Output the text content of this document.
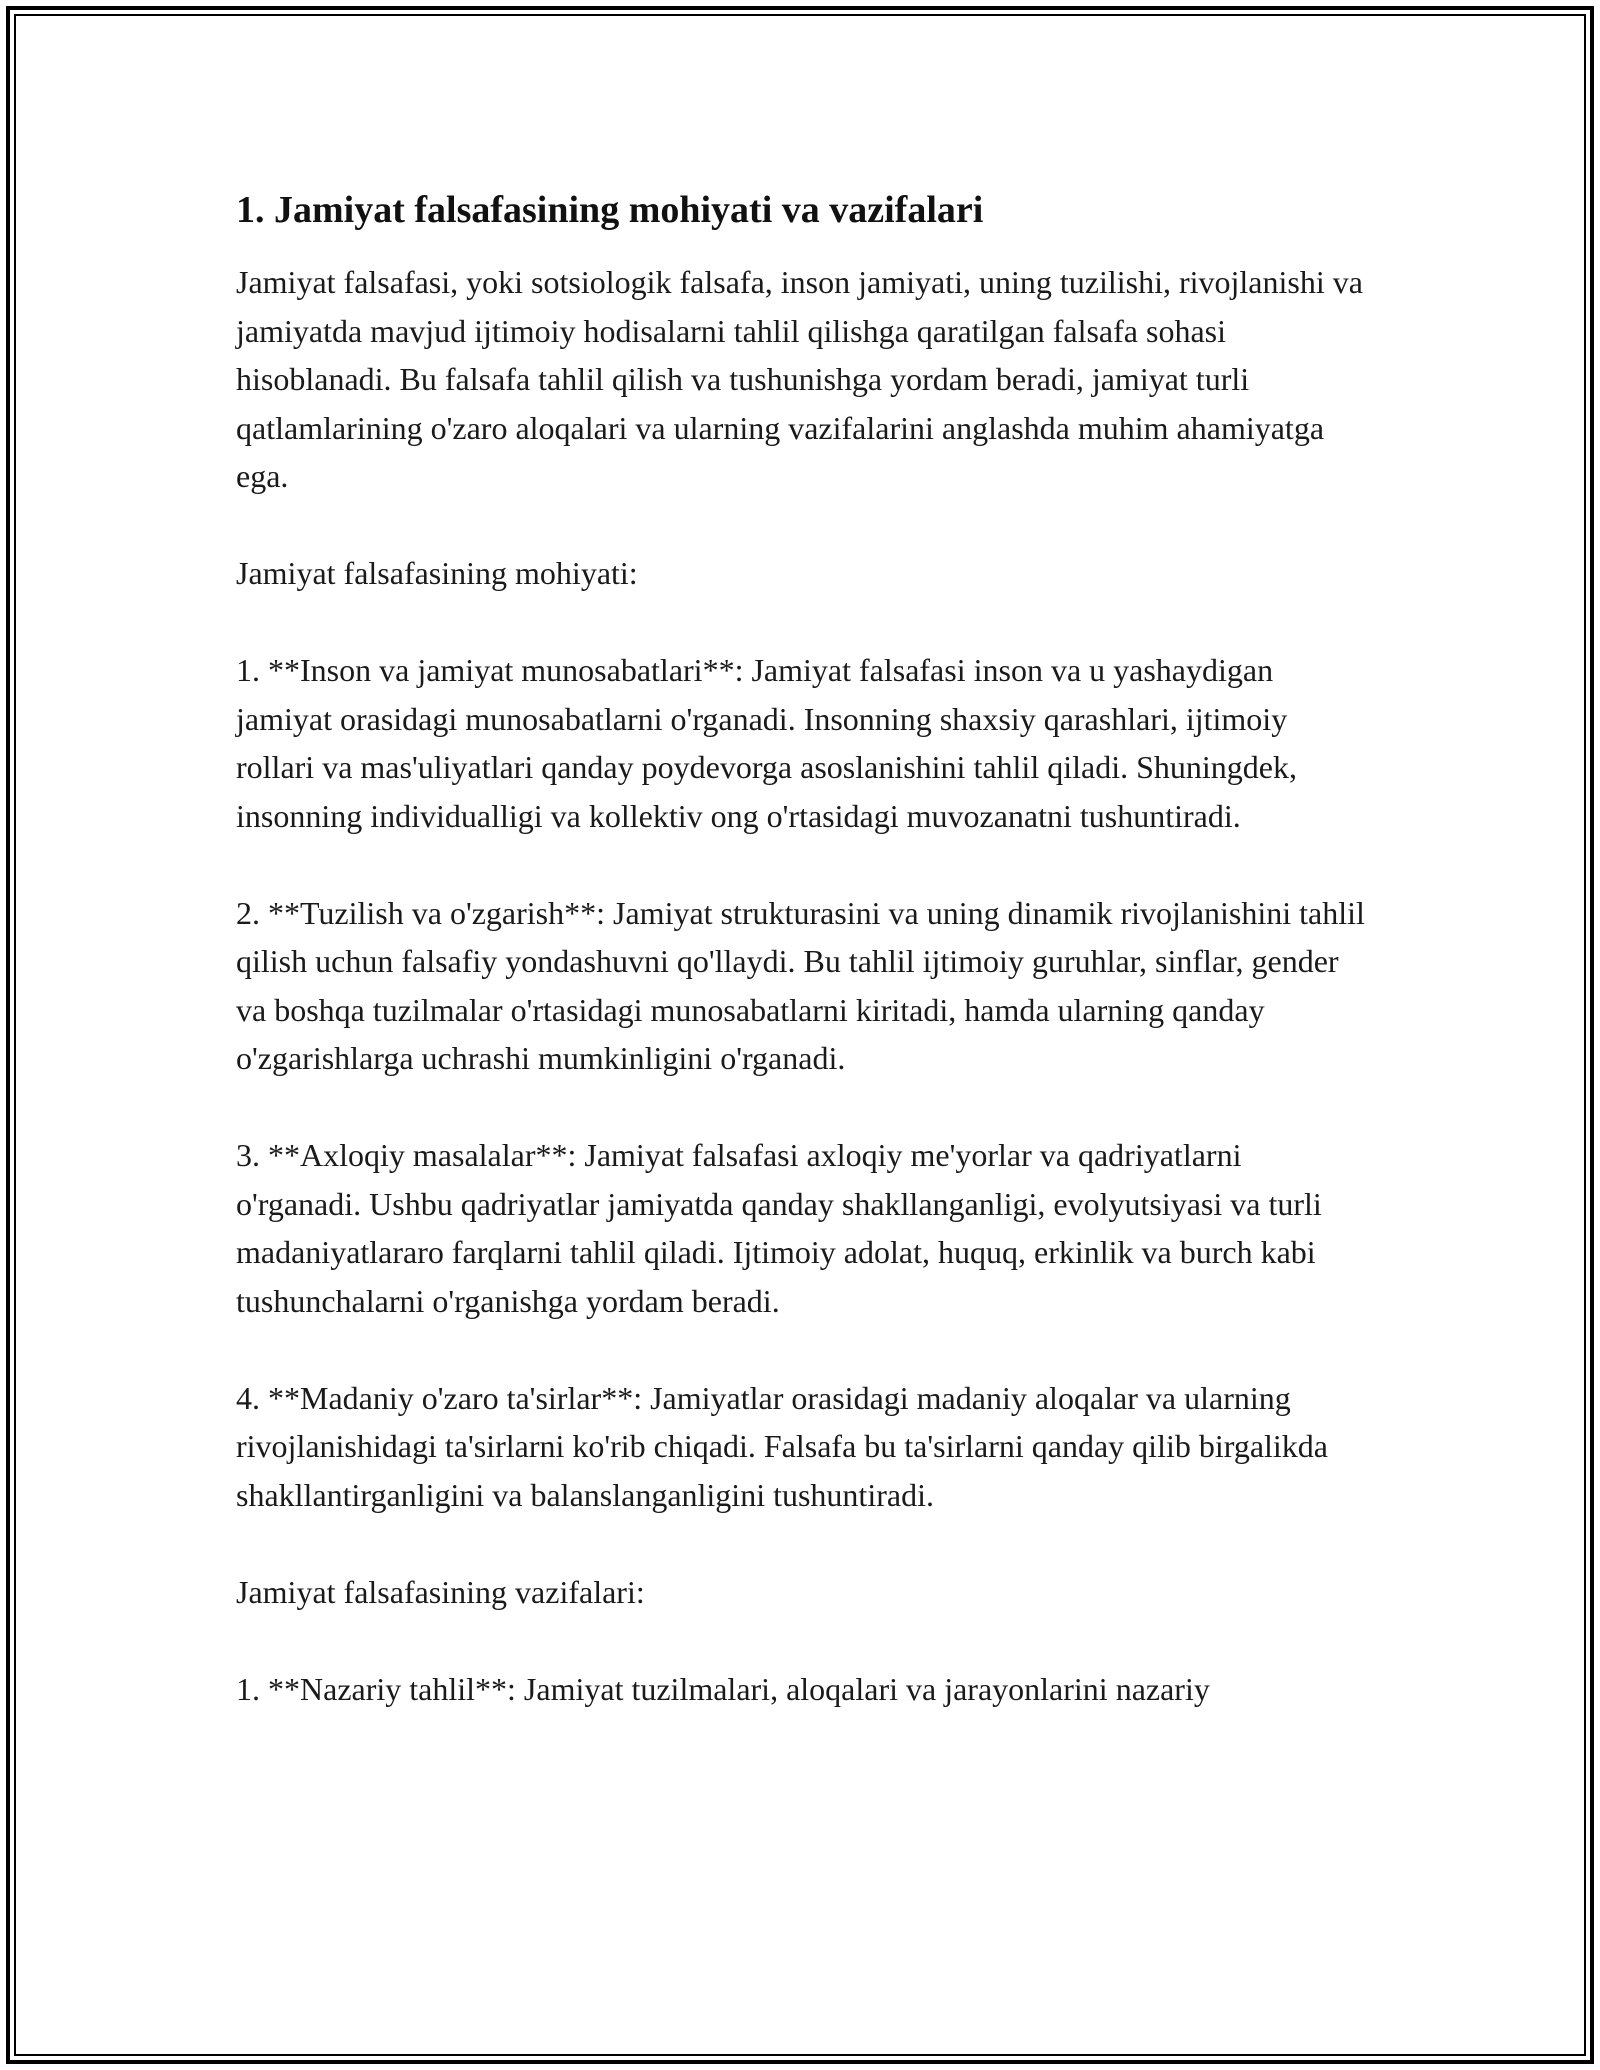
1. Jamiyat falsafasining mohiyati va vazifalari

Jamiyat falsafasi, yoki sotsiologik falsafa, inson jamiyati, uning tuzilishi, rivojlanishi va jamiyatda mavjud ijtimoiy hodisalarni tahlil qilishga qaratilgan falsafa sohasi hisoblanadi. Bu falsafa tahlil qilish va tushunishga yordam beradi, jamiyat turli qatlamlarining o'zaro aloqalari va ularning vazifalarini anglashda muhim ahamiyatga ega.

Jamiyat falsafasining mohiyati:

1. **Inson va jamiyat munosabatlari**: Jamiyat falsafasi inson va u yashaydigan jamiyat orasidagi munosabatlarni o'rganadi. Insonning shaxsiy qarashlari, ijtimoiy rollari va mas'uliyatlari qanday poydevorga asoslanishini tahlil qiladi. Shuningdek, insonning individualligi va kollektiv ong o'rtasidagi muvozanatni tushuntiradi.

2. **Tuzilish va o'zgarish**: Jamiyat strukturasini va uning dinamik rivojlanishini tahlil qilish uchun falsafiy yondashuvni qo'llaydi. Bu tahlil ijtimoiy guruhlar, sinflar, gender va boshqa tuzilmalar o'rtasidagi munosabatlarni kiritadi, hamda ularning qanday o'zgarishlarga uchrashi mumkinligini o'rganadi.

3. **Axloqiy masalalar**: Jamiyat falsafasi axloqiy me'yorlar va qadriyatlarni o'rganadi. Ushbu qadriyatlar jamiyatda qanday shakllanganligi, evolyutsiyasi va turli madaniyatlararo farqlarni tahlil qiladi. Ijtimoiy adolat, huquq, erkinlik va burch kabi tushunchalarni o'rganishga yordam beradi.

4. **Madaniy o'zaro ta'sirlar**: Jamiyatlar orasidagi madaniy aloqalar va ularning rivojlanishidagi ta'sirlarni ko'rib chiqadi. Falsafa bu ta'sirlarni qanday qilib birgalikda shakllantirganligini va balanslanganligini tushuntiradi.

Jamiyat falsafasining vazifalari:

1. **Nazariy tahlil**: Jamiyat tuzilmalari, aloqalari va jarayonlarini nazariy
